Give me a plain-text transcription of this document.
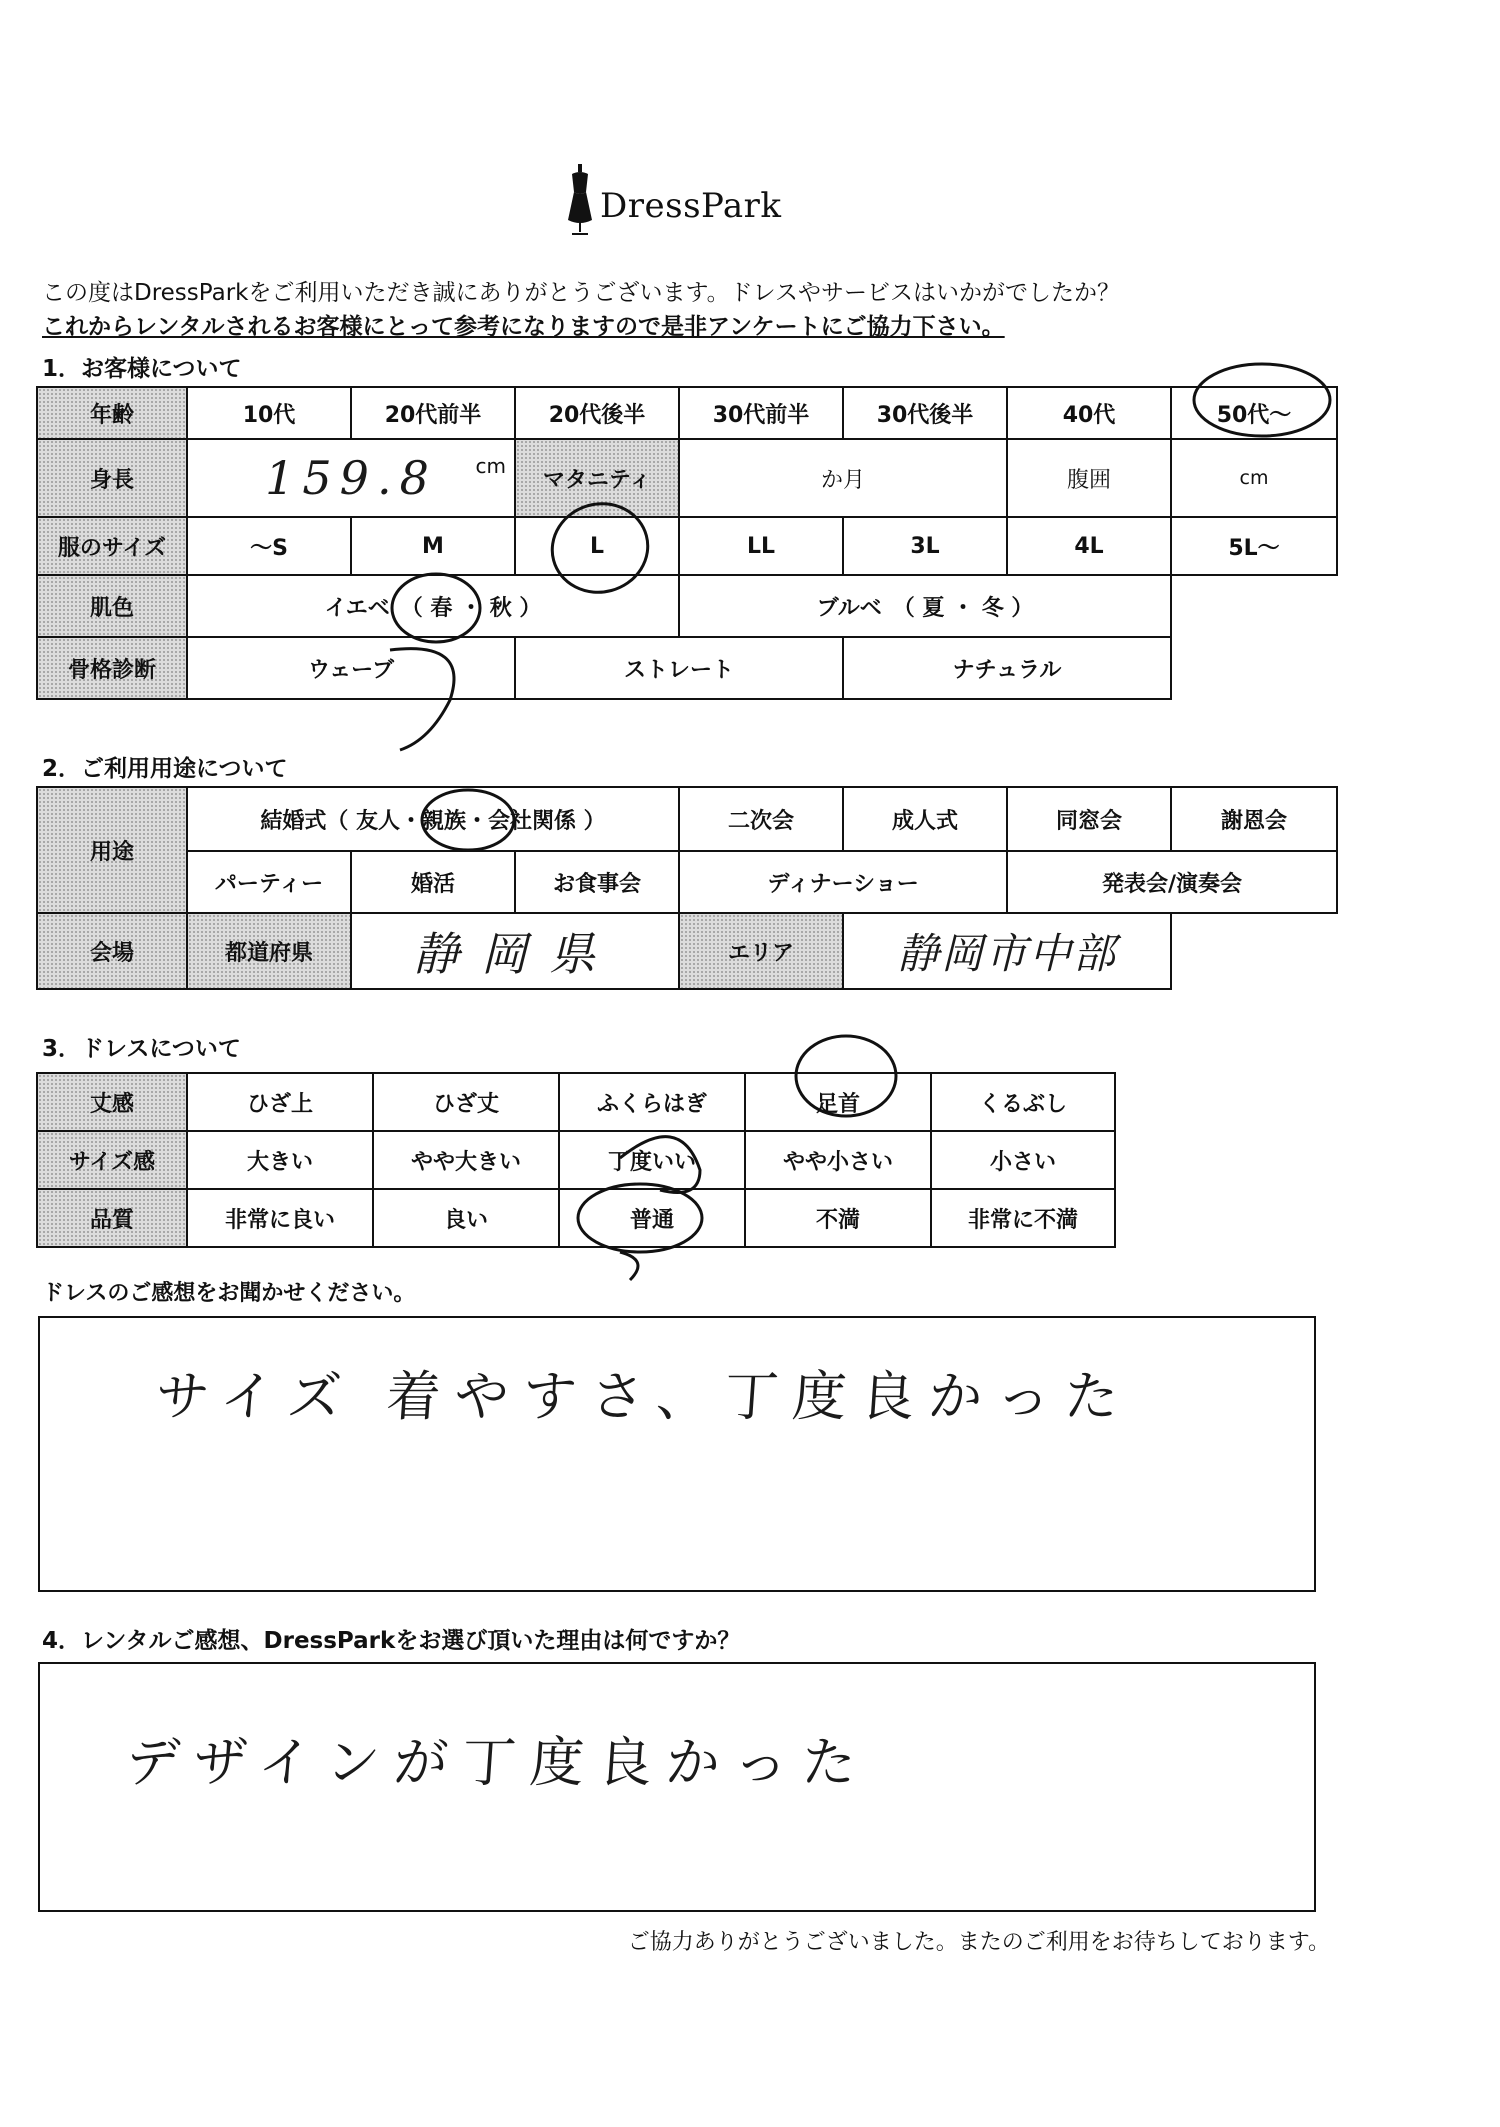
DressPark
この度はDressParkをご利用いただき誠にありがとうございます。ドレスやサービスはいかがでしたか？
これからレンタルされるお客様にとって参考になりますので是非アンケートにご協力下さい。
1．お客様について
年齢	10代	20代前半	20代後半	30代前半	30代後半	40代	50代～
身長	159.8 cm		マタニティ	か月		腹囲	cm
服のサイズ	～S	M	L	LL	3L	4L	5L～
肌色	イエベ　（ 春 ・ 秋 ）			ブルベ　（ 夏 ・ 冬 ）			
骨格診断	ウェーブ		ストレート		ナチュラル		
2．ご利用用途について
用途	結婚式（ 友人・親族・会社関係 ）			二次会	成人式	同窓会	謝恩会
	パーティー	婚活	お食事会	ディナーショー		発表会/演奏会	
会場	都道府県	静岡県		エリア	静岡市中部		
3．ドレスについて
丈感	ひざ上	ひざ丈	ふくらはぎ	足首	くるぶし
サイズ感	大きい	やや大きい	丁度いい	やや小さい	小さい
品質	非常に良い	良い	普通	不満	非常に不満
ドレスのご感想をお聞かせください。
サイズ 着やすさ、丁度良かった
4．レンタルご感想、DressParkをお選び頂いた理由は何ですか？
デザインが丁度良かった
ご協力ありがとうございました。またのご利用をお待ちしております。
